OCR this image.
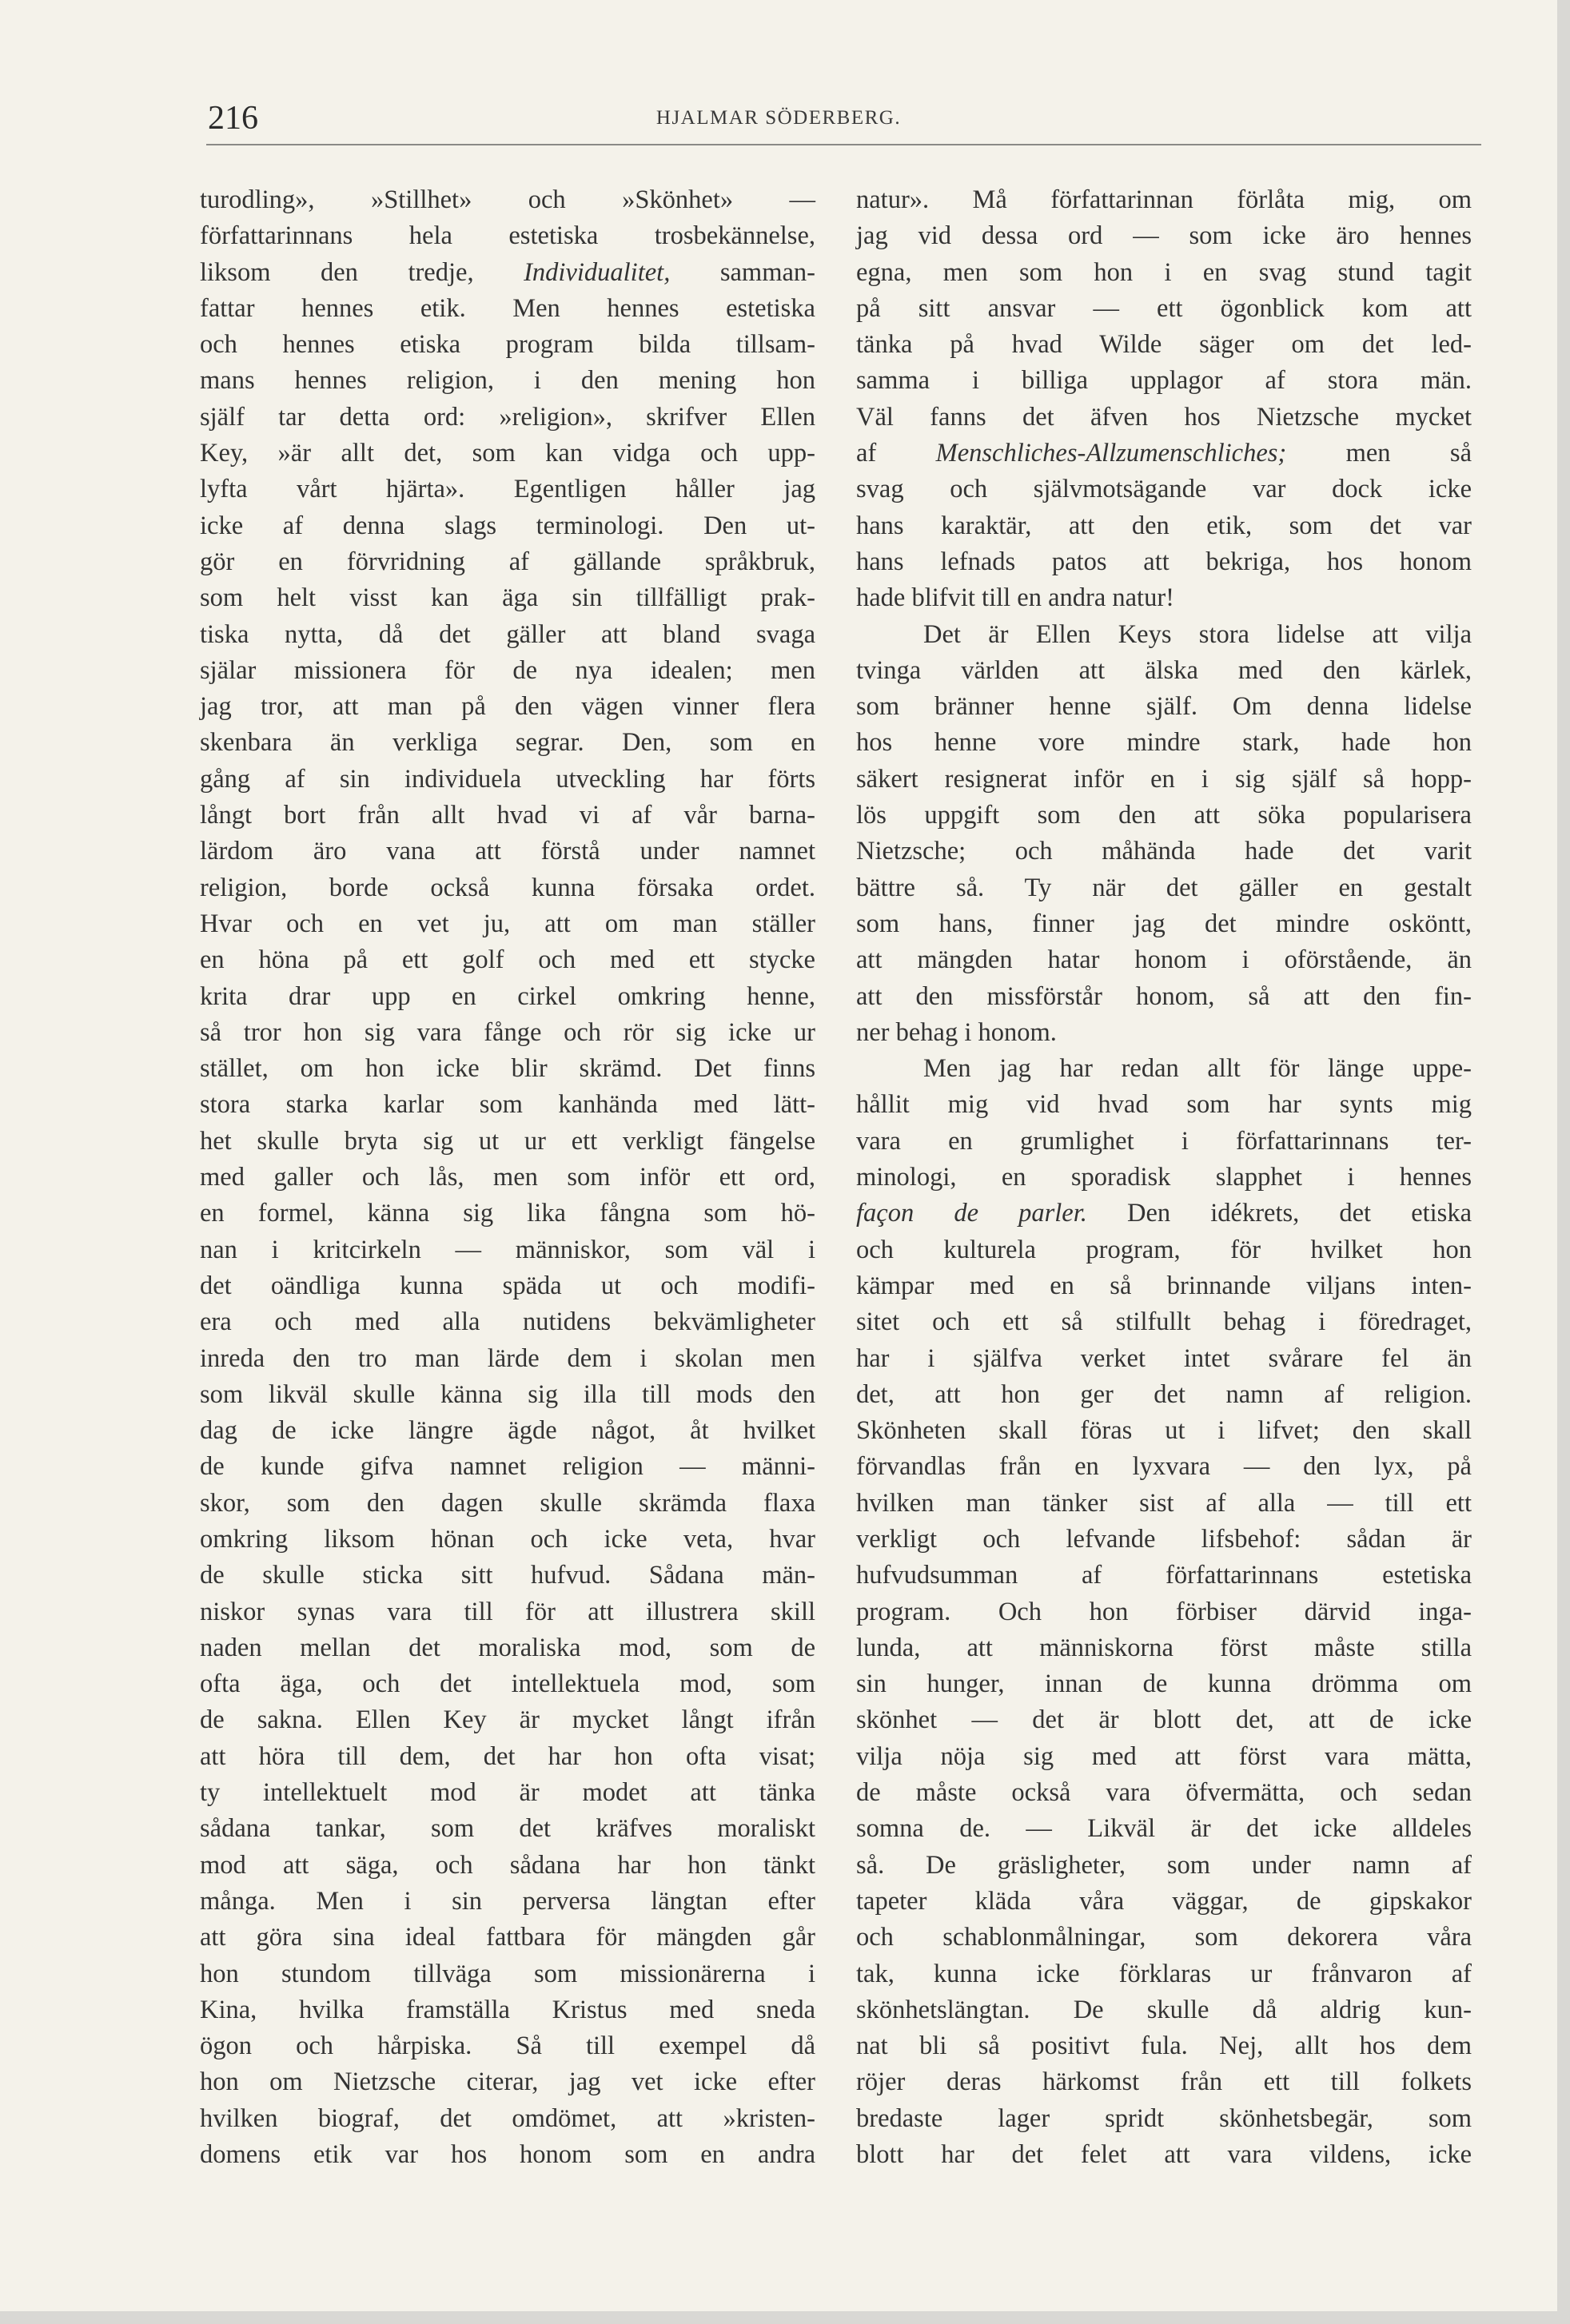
216	HJALMAR SÖDERBERG.
turodling», »Stillhet» och »Skönhet» —
författarinnans hela estetiska trosbekännelse,
liksom den tredje, Individualitet, samman-
fattar hennes etik. Men hennes estetiska
och hennes etiska program bilda tillsam-
mans hennes religion, i den mening hon
själf tar detta ord: »religion», skrifver Ellen
Key, »är allt det, som kan vidga och upp-
lyfta vårt hjärta». Egentligen håller jag
icke af denna slags terminologi. Den ut-
gör en förvridning af gällande språkbruk,
som helt visst kan äga sin tillfälligt prak-
tiska nytta, då det gäller att bland svaga
själar missionera för de nya idealen; men
jag tror, att man på den vägen vinner flera
skenbara än verkliga segrar. Den, som en
gång af sin individuela utveckling har förts
långt bort från allt hvad vi af vår barna-
lärdom äro vana att förstå under namnet
religion, borde också kunna försaka ordet.
Hvar och en vet ju, att om man ställer
en höna på ett golf och med ett stycke
krita drar upp en cirkel omkring henne,
så tror hon sig vara fånge och rör sig icke ur
stället, om hon icke blir skrämd. Det finns
stora starka karlar som kanhända med lätt-
het skulle bryta sig ut ur ett verkligt fängelse
med galler och lås, men som inför ett ord,
en formel, känna sig lika fångna som hö-
nan i kritcirkeln — människor, som väl i
det oändliga kunna späda ut och modifi-
era och med alla nutidens bekvämligheter
inreda den tro man lärde dem i skolan men
som likväl skulle känna sig illa till mods den
dag de icke längre ägde något, åt hvilket
de kunde gifva namnet religion — männi-
skor, som den dagen skulle skrämda flaxa
omkring liksom hönan och icke veta, hvar
de skulle sticka sitt hufvud. Sådana män-
niskor synas vara till för att illustrera skill
naden mellan det moraliska mod, som de
ofta äga, och det intellektuela mod, som
de sakna. Ellen Key är mycket långt ifrån
att höra till dem, det har hon ofta visat;
ty intellektuelt mod är modet att tänka
sådana tankar, som det kräfves moraliskt
mod att säga, och sådana har hon tänkt
många. Men i sin perversa längtan efter
att göra sina ideal fattbara för mängden går
hon stundom tillväga som missionärerna i
Kina, hvilka framställa Kristus med sneda
ögon och hårpiska. Så till exempel då
hon om Nietzsche citerar, jag vet icke efter
hvilken biograf, det omdömet, att »kristen-
domens etik var hos honom som en andra
natur». Må författarinnan förlåta mig, om
jag vid dessa ord — som icke äro hennes
egna, men som hon i en svag stund tagit
på sitt ansvar — ett ögonblick kom att
tänka på hvad Wilde säger om det led-
samma i billiga upplagor af stora män.
Väl fanns det äfven hos Nietzsche mycket
af Menschliches-Allzumenschliches; men så
svag och självmotsägande var dock icke
hans karaktär, att den etik, som det var
hans lefnads patos att bekriga, hos honom
hade blifvit till en andra natur!
Det är Ellen Keys stora lidelse att vilja
tvinga världen att älska med den kärlek,
som bränner henne själf. Om denna lidelse
hos henne vore mindre stark, hade hon
säkert resignerat inför en i sig själf så hopp-
lös uppgift som den att söka popularisera
Nietzsche; och måhända hade det varit
bättre så. Ty när det gäller en gestalt
som hans, finner jag det mindre osköntt,
att mängden hatar honom i oförstående, än
att den missförstår honom, så att den fin-
ner behag i honom.
Men jag har redan allt för länge uppe-
hållit mig vid hvad som har synts mig
vara en grumlighet i författarinnans ter-
minologi, en sporadisk slapphet i hennes
façon de parler. Den idékrets, det etiska
och kulturela program, för hvilket hon
kämpar med en så brinnande viljans inten-
sitet och ett så stilfullt behag i föredraget,
har i själfva verket intet svårare fel än
det, att hon ger det namn af religion.
Skönheten skall föras ut i lifvet; den skall
förvandlas från en lyxvara — den lyx, på
hvilken man tänker sist af alla — till ett
verkligt och lefvande lifsbehof: sådan är
hufvudsumman af författarinnans estetiska
program. Och hon förbiser därvid inga-
lunda, att människorna först måste stilla
sin hunger, innan de kunna drömma om
skönhet — det är blott det, att de icke
vilja nöja sig med att först vara mätta,
de måste också vara öfvermätta, och sedan
somna de. — Likväl är det icke alldeles
så. De gräsligheter, som under namn af
tapeter kläda våra väggar, de gipskakor
och schablonmålningar, som dekorera våra
tak, kunna icke förklaras ur frånvaron af
skönhetslängtan. De skulle då aldrig kun-
nat bli så positivt fula. Nej, allt hos dem
röjer deras härkomst från ett till folkets
bredaste lager spridt skönhetsbegär, som
blott har det felet att vara vildens, icke
